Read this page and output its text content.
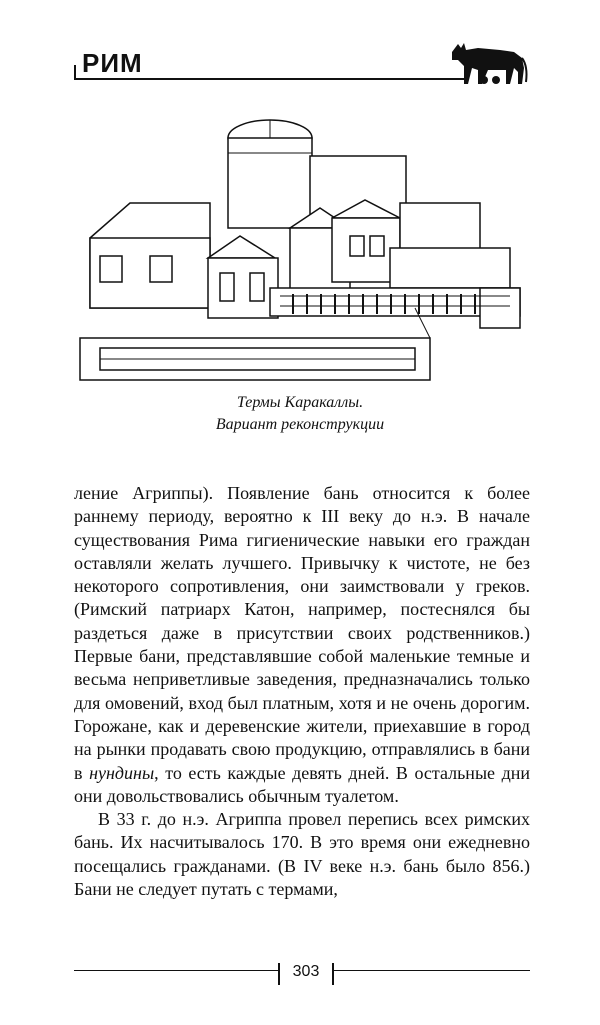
РИМ
Термы Каракаллы.
Вариант реконструкции

ление Агриппы). Появление бань относится к более раннему периоду, вероятно к III веку до н.э. В начале существования Рима гигиенические навыки его граждан оставляли желать лучшего. Привычку к чистоте, не без некоторого сопротивления, они заимствовали у греков. (Римский патриарх Катон, например, постеснялся бы раздеться даже в присутствии своих родственников.) Первые бани, представлявшие собой маленькие темные и весьма неприветливые заведения, предназначались только для омовений, вход был платным, хотя и не очень дорогим. Горожане, как и деревенские жители, приехавшие в город на рынки продавать свою продукцию, отправлялись в бани в нундины, то есть каждые девять дней. В остальные дни они довольствовались обычным туалетом.

В 33 г. до н.э. Агриппа провел перепись всех римских бань. Их насчитывалось 170. В это время они ежедневно посещались гражданами. (В IV веке н.э. бань было 856.) Бани не следует путать с термами,

303
